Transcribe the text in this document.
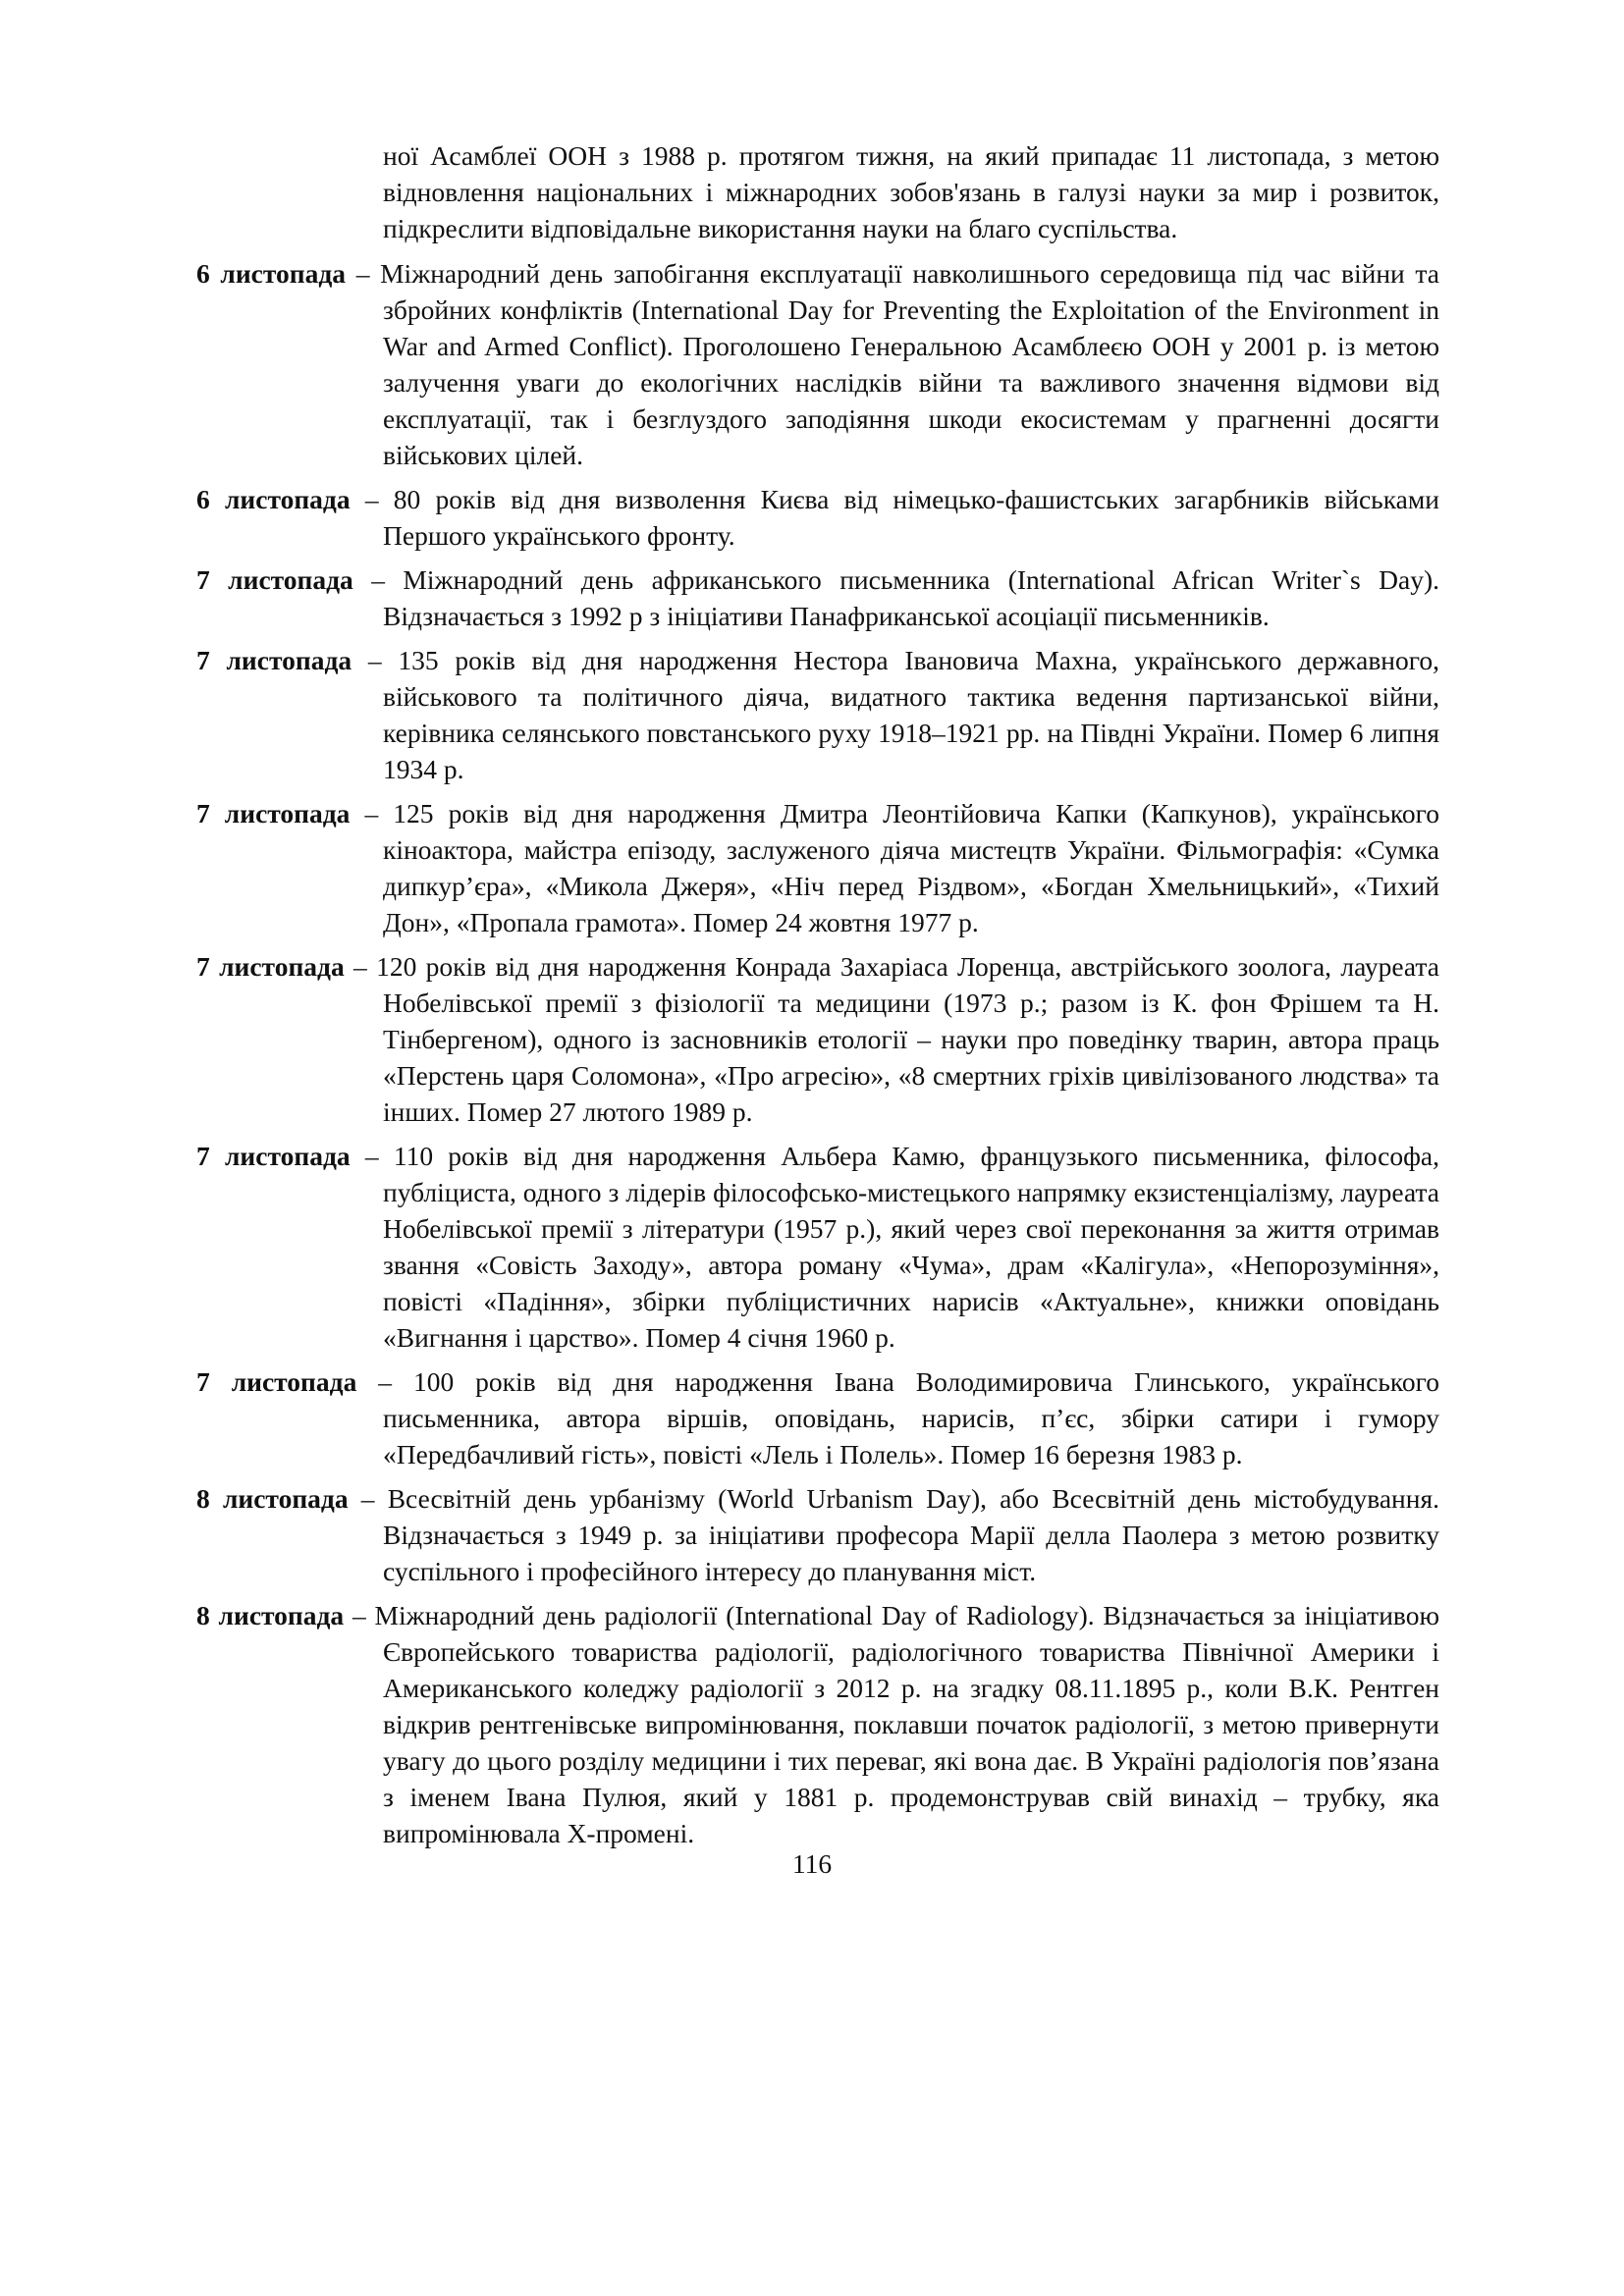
ної Асамблеї ООН з 1988 р. протягом тижня, на який припадає 11 листопада, з метою відновлення національних і міжнародних зобов'язань в галузі науки за мир і розвиток, підкреслити відповідальне використання науки на благо суспільства.

6 листопада – Міжнародний день запобігання експлуатації навколишнього середовища під час війни та збройних конфліктів (International Day for Preventing the Exploitation of the Environment in War and Armed Conflict). Проголошено Генеральною Асамблеєю ООН у 2001 р. із метою залучення уваги до екологічних наслідків війни та важливого значення відмови від експлуатації, так і безглуздого заподіяння шкоди екосистемам у прагненні досягти військових цілей.

6 листопада – 80 років від дня визволення Києва від німецько-фашистських загарбників військами Першого українського фронту.

7 листопада – Міжнародний день африканського письменника (International African Writer`s Day). Відзначається з 1992 р з ініціативи Панафриканської асоціації письменників.

7 листопада – 135 років від дня народження Нестора Івановича Махна, українського державного, військового та політичного діяча, видатного тактика ведення партизанської війни, керівника селянського повстанського руху 1918–1921 рр. на Півдні України. Помер 6 липня 1934 р.

7 листопада – 125 років від дня народження Дмитра Леонтійовича Капки (Капкунов), українського кіноактора, майстра епізоду, заслуженого діяча мистецтв України. Фільмографія: «Сумка дипкур’єра», «Микола Джеря», «Ніч перед Різдвом», «Богдан Хмельницький», «Тихий Дон», «Пропала грамота». Помер 24 жовтня 1977 р.

7 листопада – 120 років від дня народження Конрада Захаріаса Лоренца, австрійського зоолога, лауреата Нобелівської премії з фізіології та медицини (1973 р.; разом із К. фон Фрішем та Н. Тінбергеном), одного із засновників етології – науки про поведінку тварин, автора праць «Перстень царя Соломона», «Про агресію», «8 смертних гріхів цивілізованого людства» та інших. Помер 27 лютого 1989 р.

7 листопада – 110 років від дня народження Альбера Камю, французького письменника, філософа, публіциста, одного з лідерів філософсько-мистецького напрямку екзистенціалізму, лауреата Нобелівської премії з літератури (1957 р.), який через свої переконання за життя отримав звання «Совість Заходу», автора роману «Чума», драм «Калігула», «Непорозуміння», повісті «Падіння», збірки публіцистичних нарисів «Актуальне», книжки оповідань «Вигнання і царство». Помер 4 січня 1960 р.

7 листопада – 100 років від дня народження Івана Володимировича Глинського, українського письменника, автора віршів, оповідань, нарисів, п’єс, збірки сатири і гумору «Передбачливий гість», повісті «Лель і Полель». Помер 16 березня 1983 р.

8 листопада – Всесвітній день урбанізму (World Urbanism Day), або Всесвітній день містобудування. Відзначається з 1949 р. за ініціативи професора Марії делла Паолера з метою розвитку суспільного і професійного інтересу до планування міст.

8 листопада – Міжнародний день радіології (International Day of Radiology). Відзначається за ініціативою Європейського товариства радіології, радіологічного товариства Північної Америки і Американського коледжу радіології з 2012 р. на згадку 08.11.1895 р., коли В.К. Рентген відкрив рентгенівське випромінювання, поклавши початок радіології, з метою привернути увагу до цього розділу медицини і тих переваг, які вона дає. В Україні радіологія пов’язана з іменем Івана Пулюя, який у 1881 р. продемонстрував свій винахід – трубку, яка випромінювала Х-промені.

116
